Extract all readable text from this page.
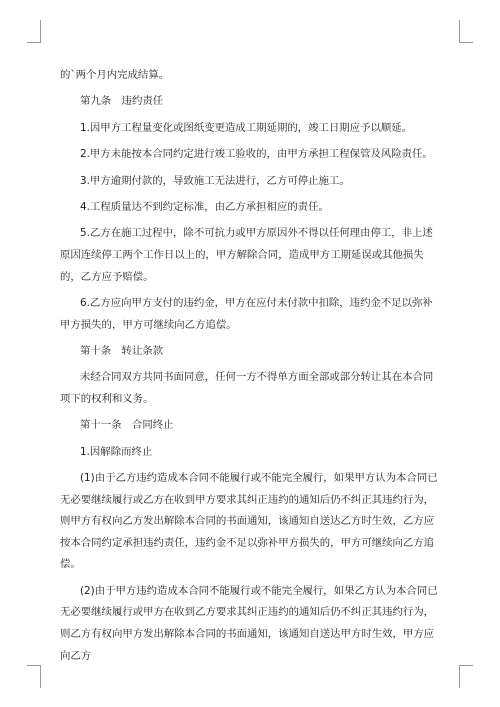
的`两个月内完成结算。

第九条　违约责任

1.因甲方工程量变化或图纸变更造成工期延期的，竣工日期应予以顺延。

2.甲方未能按本合同约定进行竣工验收的，由甲方承担工程保管及风险责任。

3.甲方逾期付款的，导致施工无法进行，乙方可停止施工。

4.工程质量达不到约定标准，由乙方承担相应的责任。

5.乙方在施工过程中，除不可抗力或甲方原因外不得以任何理由停工，非上述原因连续停工两个工作日以上的，甲方解除合同，造成甲方工期延误或其他损失的，乙方应予赔偿。

6.乙方应向甲方支付的违约金，甲方在应付未付款中扣除，违约金不足以弥补甲方损失的，甲方可继续向乙方追偿。

第十条　转让条款

未经合同双方共同书面同意，任何一方不得单方面全部或部分转让其在本合同项下的权利和义务。

第十一条　合同终止

1.因解除而终止

(1)由于乙方违约造成本合同不能履行或不能完全履行，如果甲方认为本合同已无必要继续履行或乙方在收到甲方要求其纠正违约的通知后仍不纠正其违约行为，则甲方有权向乙方发出解除本合同的书面通知，该通知自送达乙方时生效，乙方应按本合同约定承担违约责任，违约金不足以弥补甲方损失的，甲方可继续向乙方追偿。

(2)由于甲方违约造成本合同不能履行或不能完全履行，如果乙方认为本合同已无必要继续履行或甲方在收到乙方要求其纠正违约的通知后仍不纠正其违约行为，则乙方有权向甲方发出解除本合同的书面通知，该通知自送达甲方时生效，甲方应向乙方
